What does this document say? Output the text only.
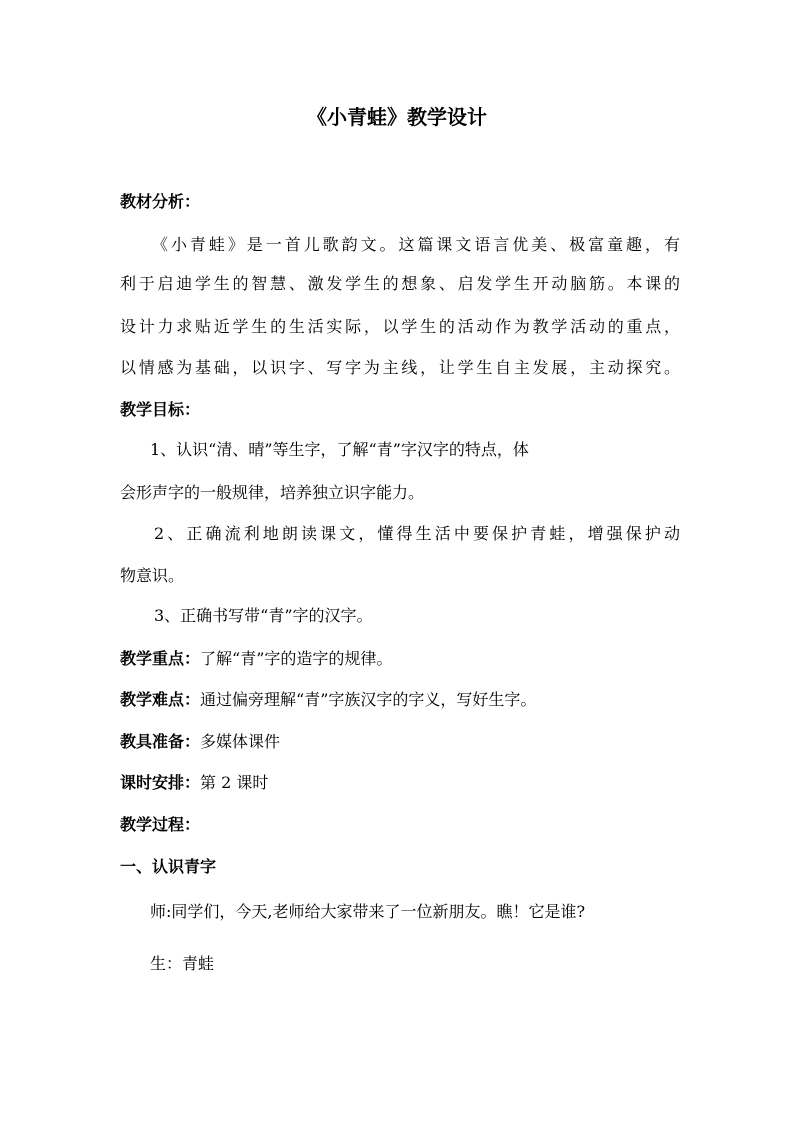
《小青蛙》教学设计
教材分析：
《小青蛙》是一首儿歌韵文。这篇课文语言优美、极富童趣，有
利于启迪学生的智慧、激发学生的想象、启发学生开动脑筋。本课的
设计力求贴近学生的生活实际，以学生的活动作为教学活动的重点，
以情感为基础，以识字、写字为主线，让学生自主发展，主动探究。
教学目标：
1、认识“清、晴”等生字，了解“青”字汉字的特点，体
会形声字的一般规律，培养独立识字能力。
2、正确流利地朗读课文，懂得生活中要保护青蛙，增强保护动
物意识。
3、正确书写带“青”字的汉字。
教学重点：了解“青”字的造字的规律。
教学难点：通过偏旁理解“青”字族汉字的字义，写好生字。
教具准备：多媒体课件
课时安排：第 2 课时
教学过程：
一、认识青字
师:同学们，今天,老师给大家带来了一位新朋友。瞧！它是谁?
生：青蛙
